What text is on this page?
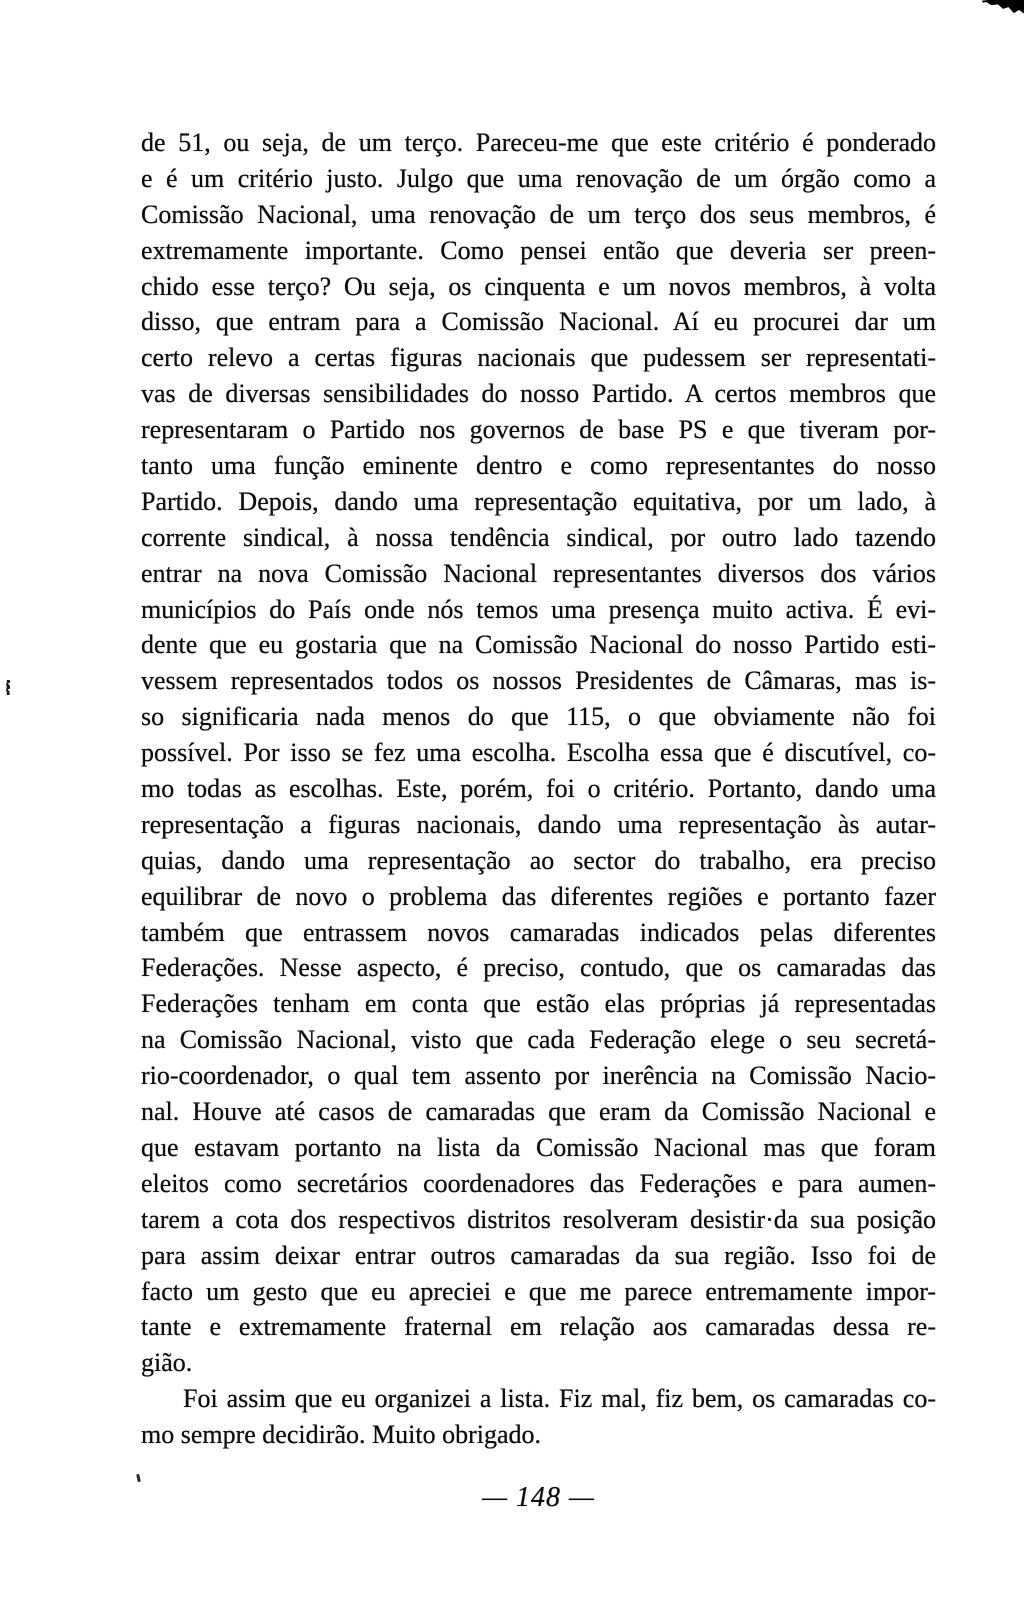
de 51, ou seja, de um terço. Pareceu-me que este critério é ponderado
e é um critério justo. Julgo que uma renovação de um órgão como a
Comissão Nacional, uma renovação de um terço dos seus membros, é
extremamente importante. Como pensei então que deveria ser preen-
chido esse terço? Ou seja, os cinquenta e um novos membros, à volta
disso, que entram para a Comissão Nacional. Aí eu procurei dar um
certo relevo a certas figuras nacionais que pudessem ser representati-
vas de diversas sensibilidades do nosso Partido. A certos membros que
representaram o Partido nos governos de base PS e que tiveram por-
tanto uma função eminente dentro e como representantes do nosso
Partido. Depois, dando uma representação equitativa, por um lado, à
corrente sindical, à nossa tendência sindical, por outro lado tazendo
entrar na nova Comissão Nacional representantes diversos dos vários
municípios do País onde nós temos uma presença muito activa. É evi-
dente que eu gostaria que na Comissão Nacional do nosso Partido esti-
vessem representados todos os nossos Presidentes de Câmaras, mas is-
so significaria nada menos do que 115, o que obviamente não foi
possível. Por isso se fez uma escolha. Escolha essa que é discutível, co-
mo todas as escolhas. Este, porém, foi o critério. Portanto, dando uma
representação a figuras nacionais, dando uma representação às autar-
quias, dando uma representação ao sector do trabalho, era preciso
equilibrar de novo o problema das diferentes regiões e portanto fazer
também que entrassem novos camaradas indicados pelas diferentes
Federações. Nesse aspecto, é preciso, contudo, que os camaradas das
Federações tenham em conta que estão elas próprias já representadas
na Comissão Nacional, visto que cada Federação elege o seu secretá-
rio-coordenador, o qual tem assento por inerência na Comissão Nacio-
nal. Houve até casos de camaradas que eram da Comissão Nacional e
que estavam portanto na lista da Comissão Nacional mas que foram
eleitos como secretários coordenadores das Federações e para aumen-
tarem a cota dos respectivos distritos resolveram desistir·da sua posição
para assim deixar entrar outros camaradas da sua região. Isso foi de
facto um gesto que eu apreciei e que me parece entremamente impor-
tante e extremamente fraternal em relação aos camaradas dessa re-
gião.
Foi assim que eu organizei a lista. Fiz mal, fiz bem, os camaradas co-
mo sempre decidirão. Muito obrigado.
— 148 —
